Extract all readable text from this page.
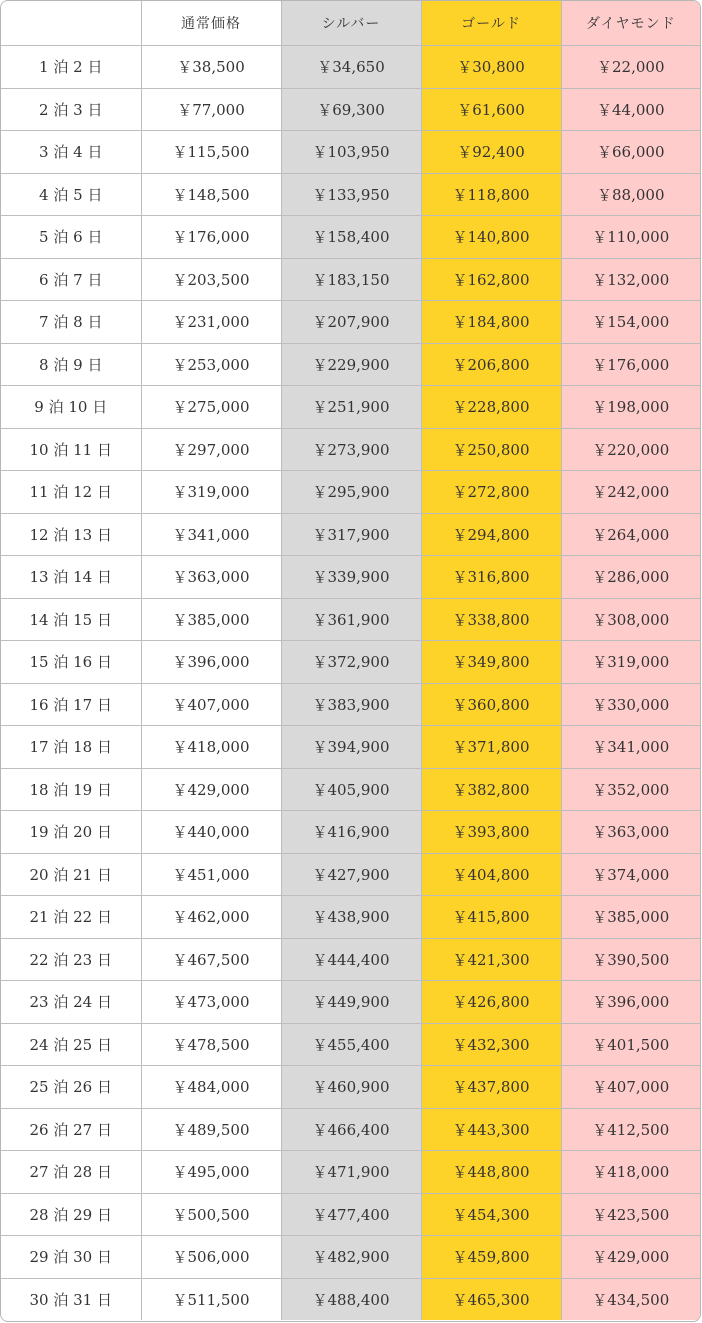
	通常価格	シルバー	ゴールド	ダイヤモンド
1 泊 2 日	￥38,500	￥34,650	￥30,800	￥22,000
2 泊 3 日	￥77,000	￥69,300	￥61,600	￥44,000
3 泊 4 日	￥115,500	￥103,950	￥92,400	￥66,000
4 泊 5 日	￥148,500	￥133,950	￥118,800	￥88,000
5 泊 6 日	￥176,000	￥158,400	￥140,800	￥110,000
6 泊 7 日	￥203,500	￥183,150	￥162,800	￥132,000
7 泊 8 日	￥231,000	￥207,900	￥184,800	￥154,000
8 泊 9 日	￥253,000	￥229,900	￥206,800	￥176,000
9 泊 10 日	￥275,000	￥251,900	￥228,800	￥198,000
10 泊 11 日	￥297,000	￥273,900	￥250,800	￥220,000
11 泊 12 日	￥319,000	￥295,900	￥272,800	￥242,000
12 泊 13 日	￥341,000	￥317,900	￥294,800	￥264,000
13 泊 14 日	￥363,000	￥339,900	￥316,800	￥286,000
14 泊 15 日	￥385,000	￥361,900	￥338,800	￥308,000
15 泊 16 日	￥396,000	￥372,900	￥349,800	￥319,000
16 泊 17 日	￥407,000	￥383,900	￥360,800	￥330,000
17 泊 18 日	￥418,000	￥394,900	￥371,800	￥341,000
18 泊 19 日	￥429,000	￥405,900	￥382,800	￥352,000
19 泊 20 日	￥440,000	￥416,900	￥393,800	￥363,000
20 泊 21 日	￥451,000	￥427,900	￥404,800	￥374,000
21 泊 22 日	￥462,000	￥438,900	￥415,800	￥385,000
22 泊 23 日	￥467,500	￥444,400	￥421,300	￥390,500
23 泊 24 日	￥473,000	￥449,900	￥426,800	￥396,000
24 泊 25 日	￥478,500	￥455,400	￥432,300	￥401,500
25 泊 26 日	￥484,000	￥460,900	￥437,800	￥407,000
26 泊 27 日	￥489,500	￥466,400	￥443,300	￥412,500
27 泊 28 日	￥495,000	￥471,900	￥448,800	￥418,000
28 泊 29 日	￥500,500	￥477,400	￥454,300	￥423,500
29 泊 30 日	￥506,000	￥482,900	￥459,800	￥429,000
30 泊 31 日	￥511,500	￥488,400	￥465,300	￥434,500
